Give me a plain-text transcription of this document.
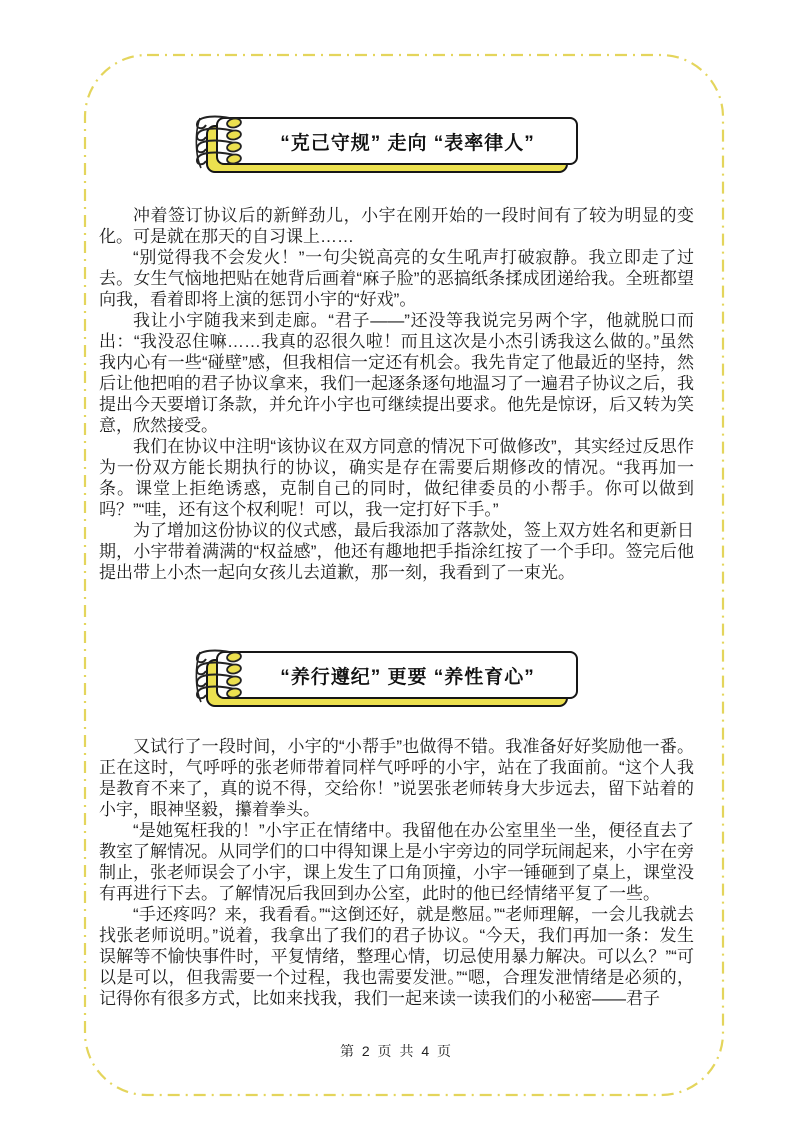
“克己守规” 走向 “表率律人”

冲着签订协议后的新鲜劲儿，小宇在刚开始的一段时间有了较为明显的变化。可是就在那天的自习课上……

“别觉得我不会发火！”一句尖锐高亮的女生吼声打破寂静。我立即走了过去。女生气恼地把贴在她背后画着“麻子脸”的恶搞纸条揉成团递给我。全班都望向我，看着即将上演的惩罚小宇的“好戏”。

我让小宇随我来到走廊。“君子——”还没等我说完另两个字，他就脱口而出：“我没忍住嘛……我真的忍很久啦！而且这次是小杰引诱我这么做的。”虽然我内心有一些“碰壁”感，但我相信一定还有机会。我先肯定了他最近的坚持，然后让他把咱的君子协议拿来，我们一起逐条逐句地温习了一遍君子协议之后，我提出今天要增订条款，并允许小宇也可继续提出要求。他先是惊讶，后又转为笑意，欣然接受。

我们在协议中注明“该协议在双方同意的情况下可做修改”，其实经过反思作为一份双方能长期执行的协议，确实是存在需要后期修改的情况。“我再加一条。课堂上拒绝诱惑，克制自己的同时，做纪律委员的小帮手。你可以做到吗？”“哇，还有这个权利呢！可以，我一定打好下手。”

为了增加这份协议的仪式感，最后我添加了落款处，签上双方姓名和更新日期，小宇带着满满的“权益感”，他还有趣地把手指涂红按了一个手印。签完后他提出带上小杰一起向女孩儿去道歉，那一刻，我看到了一束光。

“养行遵纪” 更要 “养性育心”

又试行了一段时间，小宇的“小帮手”也做得不错。我准备好好奖励他一番。正在这时，气呼呼的张老师带着同样气呼呼的小宇，站在了我面前。“这个人我是教育不来了，真的说不得，交给你！”说罢张老师转身大步远去，留下站着的小宇，眼神坚毅，攥着拳头。

“是她冤枉我的！”小宇正在情绪中。我留他在办公室里坐一坐，便径直去了教室了解情况。从同学们的口中得知课上是小宇旁边的同学玩闹起来，小宇在旁制止，张老师误会了小宇，课上发生了口角顶撞，小宇一锤砸到了桌上，课堂没有再进行下去。了解情况后我回到办公室，此时的他已经情绪平复了一些。

“手还疼吗？来，我看看。”“这倒还好，就是憋屈。”“老师理解，一会儿我就去找张老师说明。”说着，我拿出了我们的君子协议。“今天，我们再加一条：发生误解等不愉快事件时，平复情绪，整理心情，切忌使用暴力解决。可以么？”“可以是可以，但我需要一个过程，我也需要发泄。”“嗯，合理发泄情绪是必须的，记得你有很多方式，比如来找我，我们一起来读一读我们的小秘密——君子

第 2 页 共 4 页
